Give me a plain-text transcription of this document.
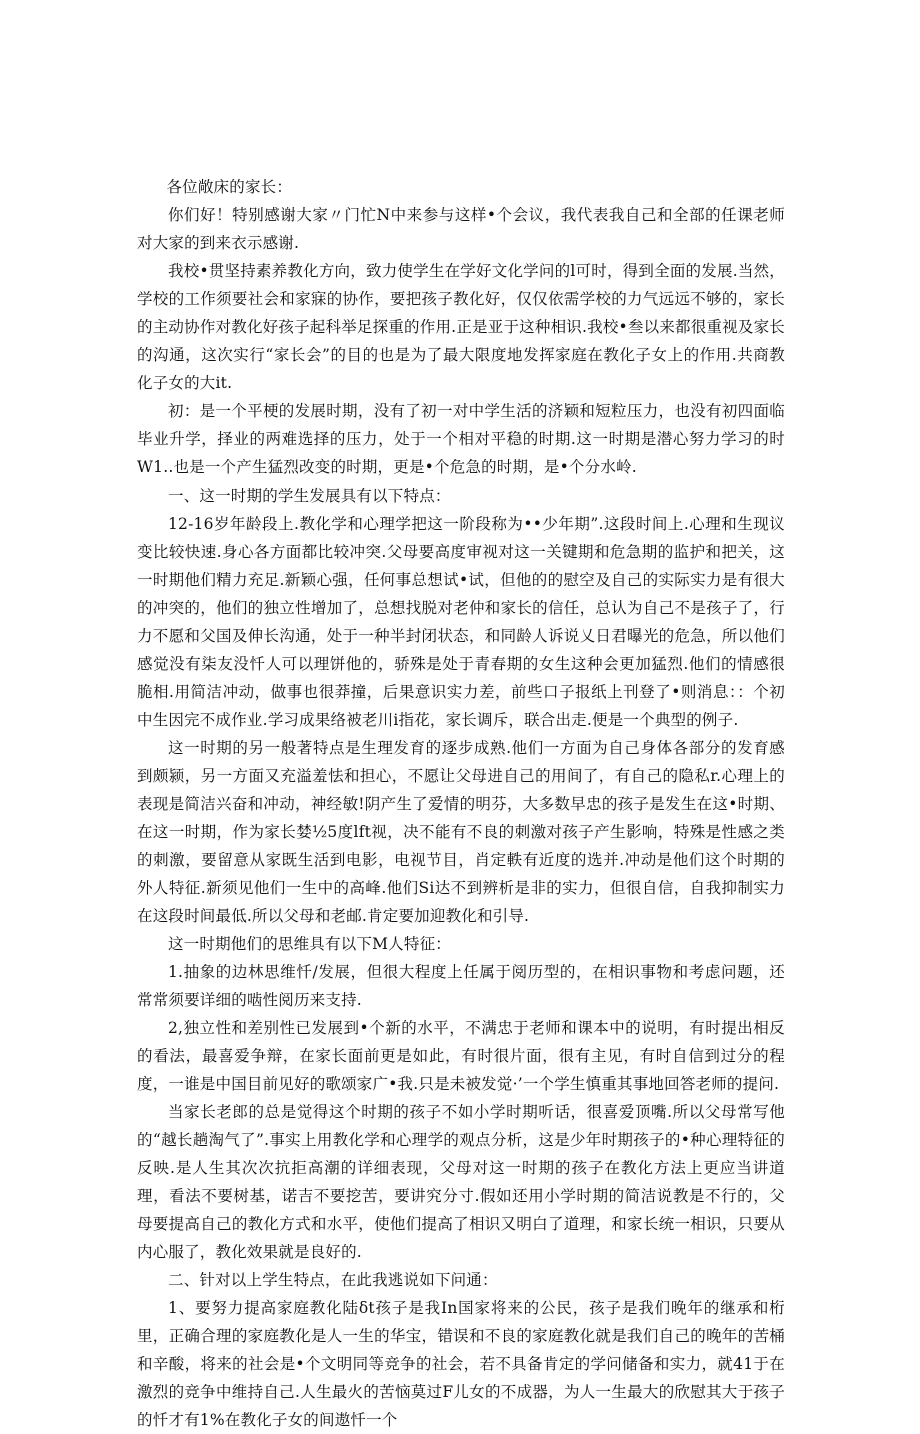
各位敞床的家长：

你们好！特别感谢大家〃门忙N中来参与这样•个会议，我代表我自己和全部的任课老师对大家的到来衣示感谢.

我校•贯坚持素养教化方向，致力使学生在学好文化学问的l可时，得到全面的发展.当然，学校的工作须要社会和家寐的协作，要把孩子教化好，仅仅依需学校的力气远远不够的，家长的主动协作对教化好孩子起科举足探重的作用.正是亚于这种相识.我校•叁以来都很重视及家长的沟通，这次实行“家长会”的目的也是为了最大限度地发挥家庭在教化子女上的作用.共商教化子女的大it.

初：是一个平梗的发展时期，没有了初一对中学生活的济颖和短粒压力，也没有初四面临毕业升学，择业的两难选择的压力，处于一个相对平稳的时期.这一时期是潜心努力学习的时W1..也是一个产生猛烈改变的时期，更是•个危急的时期，是•个分水岭.

一、这一时期的学生发展具有以下特点：

12-16岁年龄段上.教化学和心理学把这一阶段称为••少年期”.这段时间上.心理和生现议变比较快速.身心各方面都比较冲突.父母要高度审视对这一关键期和危急期的监护和把关，这一时期他们精力充足.新颖心强，任何事总想试•试，但他的的慰空及自己的实际实力是有很大的冲突的，他们的独立性增加了，总想找脱对老仲和家长的信任，总认为自己不是孩子了，行力不愿和父国及伸长沟通，处于一种半封闭状态，和同龄人诉说乂日君曝光的危急，所以他们感觉没有柒友没忏人可以理饼他的，骄殊是处于青春期的女生这种会更加猛烈.他们的情感很脆相.用简洁冲动，做事也很莽撞，后果意识实力差，前些口子报纸上刊登了•则消息：：个初中生因完不成作业.学习成果络被老川i指花，家长调斥，联合出走.便是一个典型的例子.

这一时期的另一般著特点是生理发育的逐步成熟.他们一方面为自己身体各部分的发育感到颇颍，另一方面又充溢羞怯和担心，不愿让父母进自己的用间了，有自己的隐私r.心理上的表现是简洁兴奋和冲动，神经敏!阴产生了爱情的明芬，大多数早忠的孩子是发生在这•时期、在这一时期，作为家长婪½5度lft视，决不能有不良的刺激对孩子产生影响，特殊是性感之类的刺激，要留意从家既生活到电影，电视节目，肖定軼有近度的选并.冲动是他们这个时期的外人特征.新须见他们一生中的高峰.他们Si达不到辨析是非的实力，但很自信，自我抑制实力在这段时间最低.所以父母和老邮.肯定要加迎教化和引导.

这一时期他们的思维具有以下M人特征：

1.抽象的边林思维忏/发展，但很大程度上任属于阅历型的，在相识事物和考虑问题，还常常须要详细的啮性阅历来支持.

2,独立性和差别性已发展到•个新的水平，不满忠于老师和课本中的说明，有时提出相反的看法，最喜爱争辩，在家长面前更是如此，有时很片面，很有主见，有时自信到过分的程度，一谁是中国目前见好的歌颂家广•我.只是未被发觉·’一个学生慎重其事地回答老师的提问.

当家长老郎的总是觉得这个时期的孩子不如小学时期听话，很喜爱顶嘴.所以父母常写他的“越长趟淘气了”.事实上用教化学和心理学的观点分析，这是少年时期孩子的•种心理特征的反映.是人生其次次抗拒高潮的详细表现，父母对这一时期的孩子在教化方法上更应当讲道理，看法不要树基，诺吉不要挖苦，要讲究分寸.假如还用小学时期的简洁说教是不行的，父母要提高自己的教化方式和水平，使他们提高了相识又明白了道理，和家长统一相识，只要从内心服了，教化效果就是良好的.

二、针对以上学生特点，在此我逃说如下问通：

1、要努力提高家庭教化陆δt孩子是我In国家将来的公民，孩子是我们晚年的继承和桁里，正确合理的家庭教化是人一生的华宝，错误和不良的家庭教化就是我们自己的晚年的苦桶和辛酸，将来的社会是•个文明同等竞争的社会，若不具备肯定的学问储备和实力，就41于在激烈的竞争中维持自己.人生最火的苦恼莫过F儿女的不成器，为人一生最大的欣慰其大于孩子的忏才有1%在教化子女的间遨忏一个
